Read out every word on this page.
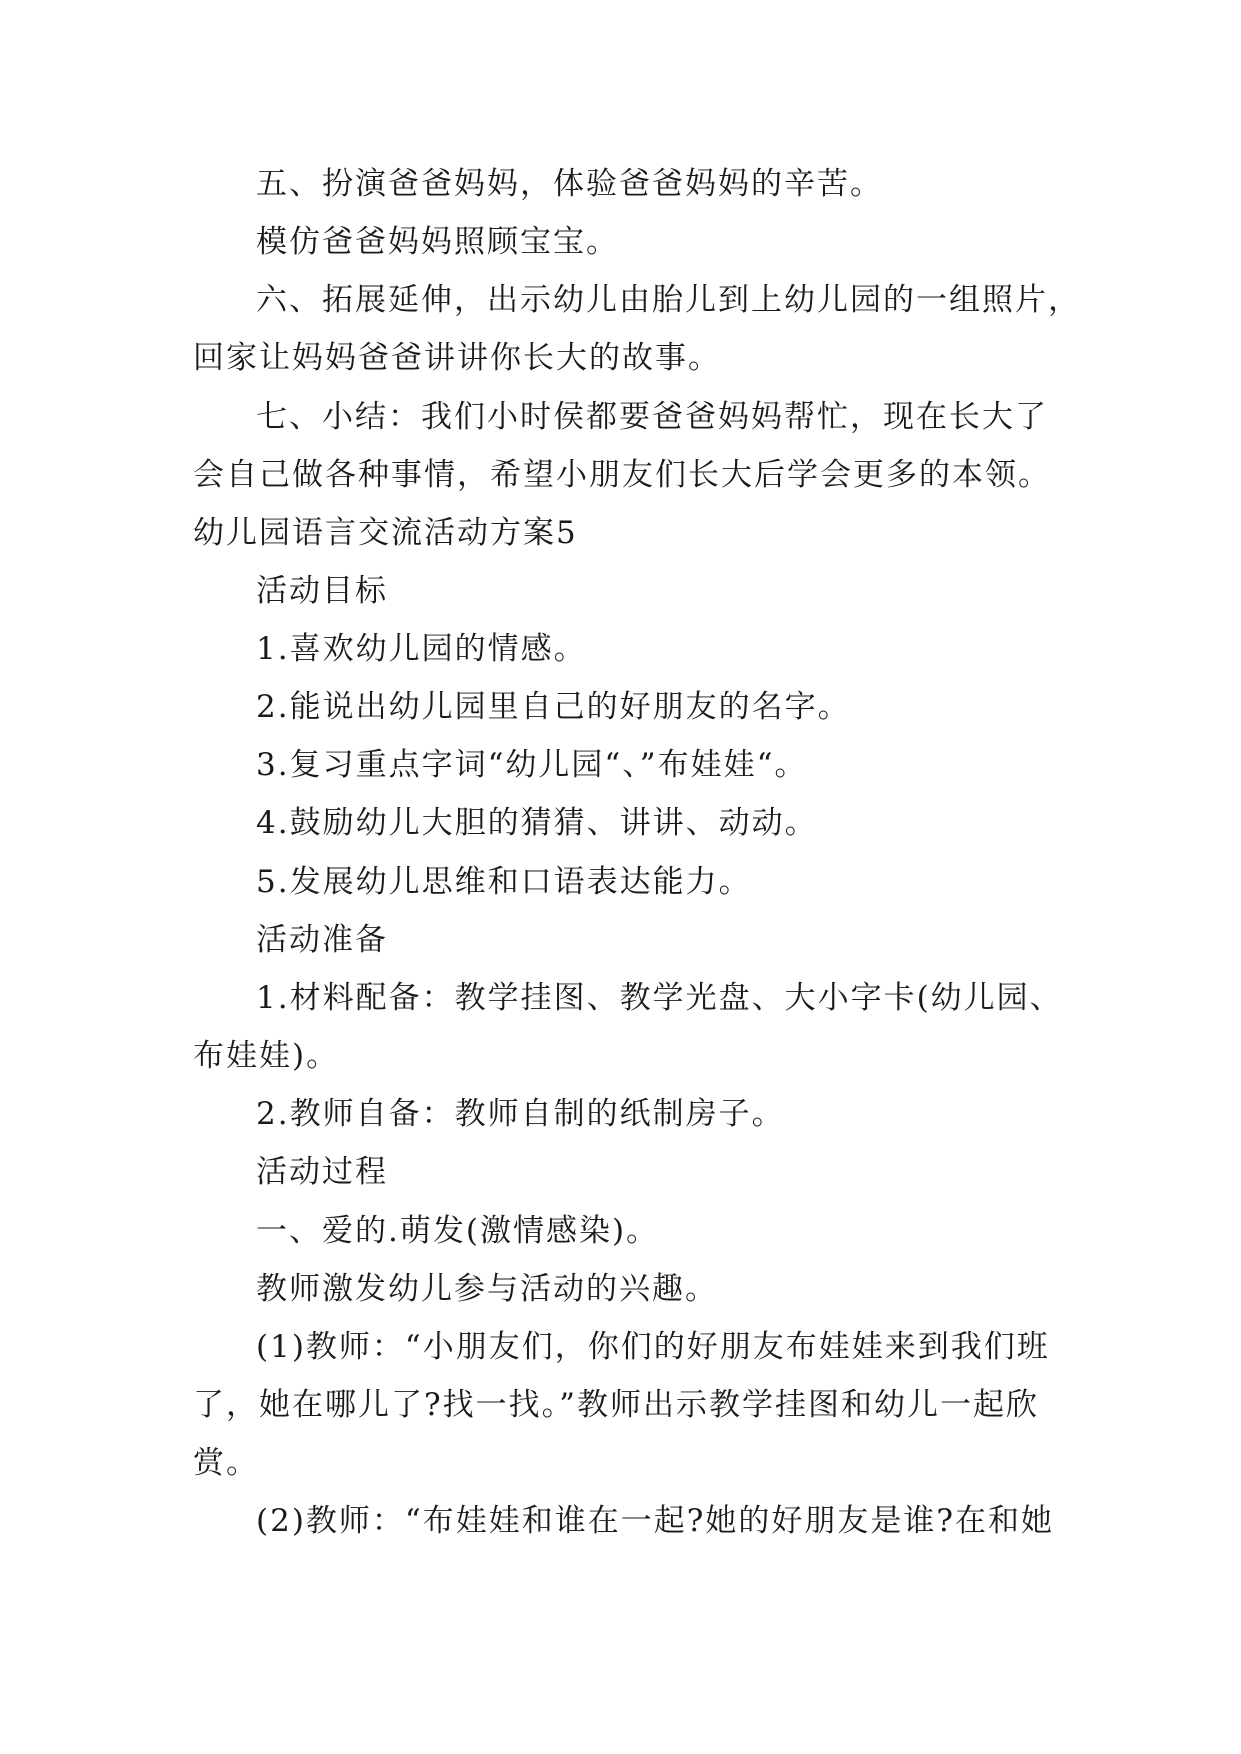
五、扮演爸爸妈妈，体验爸爸妈妈的辛苦。
模仿爸爸妈妈照顾宝宝。
六、拓展延伸，出示幼儿由胎儿到上幼儿园的一组照片，
回家让妈妈爸爸讲讲你长大的故事。
七、小结：我们小时侯都要爸爸妈妈帮忙，现在长大了
会自己做各种事情，希望小朋友们长大后学会更多的本领。
幼儿园语言交流活动方案5
活动目标
1.喜欢幼儿园的情感。
2.能说出幼儿园里自己的好朋友的名字。
3.复习重点字词“幼儿园“、”布娃娃“。
4.鼓励幼儿大胆的猜猜、讲讲、动动。
5.发展幼儿思维和口语表达能力。
活动准备
1.材料配备：教学挂图、教学光盘、大小字卡(幼儿园、
布娃娃)。
2.教师自备：教师自制的纸制房子。
活动过程
一、爱的.萌发(激情感染)。
教师激发幼儿参与活动的兴趣。
(1)教师：“小朋友们，你们的好朋友布娃娃来到我们班
了，她在哪儿了?找一找。”教师出示教学挂图和幼儿一起欣
赏。
(2)教师：“布娃娃和谁在一起?她的好朋友是谁?在和她
